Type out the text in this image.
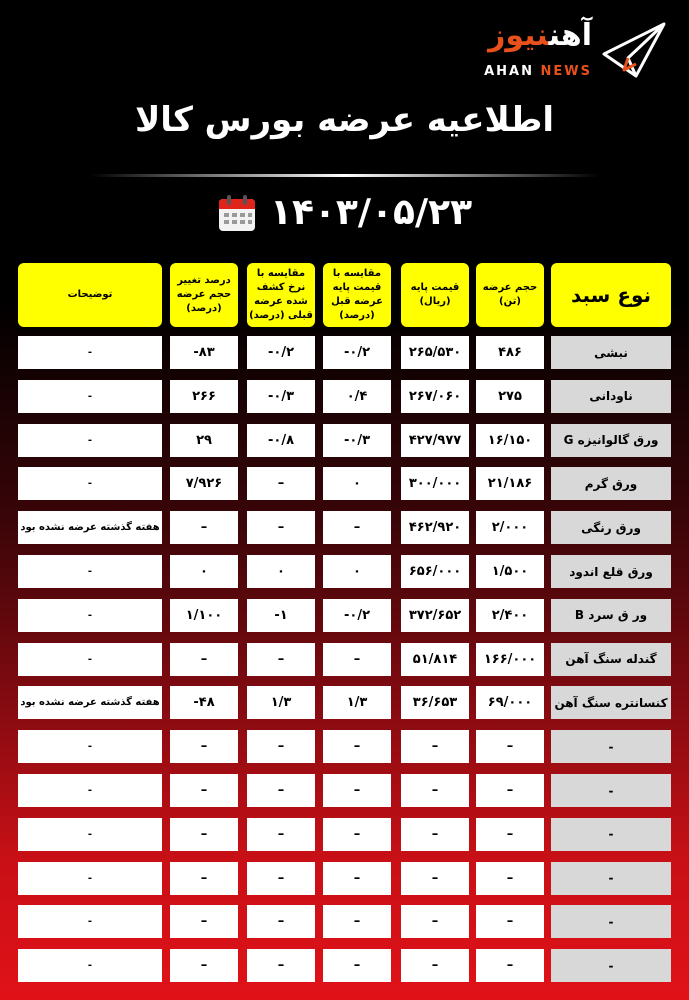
آهننیوز
AHAN NEWS
اطلاعیه عرضه بورس کالا
۱۴۰۳/۰۵/۲۳
نوع سبد
حجم عرضه (تن)
قیمت پایه (ریال)
مقایسه با قیمت پایه عرضه قبل (درصد)
مقایسه با نرخ کشف شده عرضه قبلی (درصد)
درصد تغییر حجم عرضه (درصد)
توضیحات
نبشی
۴۸۶
۲۶۵/۵۳۰
۰/۲-
۰/۲-
۸۳-
-
ناودانی
۲۷۵
۲۶۷/۰۶۰
۰/۴
۰/۳-
۲۶۶
-
ورق گالوانیزه G
۱۶/۱۵۰
۴۲۷/۹۷۷
۰/۳-
۰/۸-
۲۹
-
ورق گرم
۲۱/۱۸۶
۳۰۰/۰۰۰
۰
–
۷/۹۲۶
-
ورق رنگی
۲/۰۰۰
۴۶۲/۹۲۰
–
–
–
هفته گذشته عرضه نشده بود
ورق قلع اندود
۱/۵۰۰
۶۵۶/۰۰۰
۰
۰
۰
-
ور ق سرد B
۲/۴۰۰
۳۷۲/۶۵۲
۰/۲-
۱-
۱/۱۰۰
-
گندله سنگ آهن
۱۶۶/۰۰۰
۵۱/۸۱۴
–
–
–
-
کنسانتره سنگ آهن
۶۹/۰۰۰
۳۶/۶۵۳
۱/۳
۱/۳
۴۸-
هفته گذشته عرضه نشده بود
-
–
–
–
–
–
-
-
–
–
–
–
–
-
-
–
–
–
–
–
-
-
–
–
–
–
–
-
-
–
–
–
–
–
-
-
–
–
–
–
–
-
